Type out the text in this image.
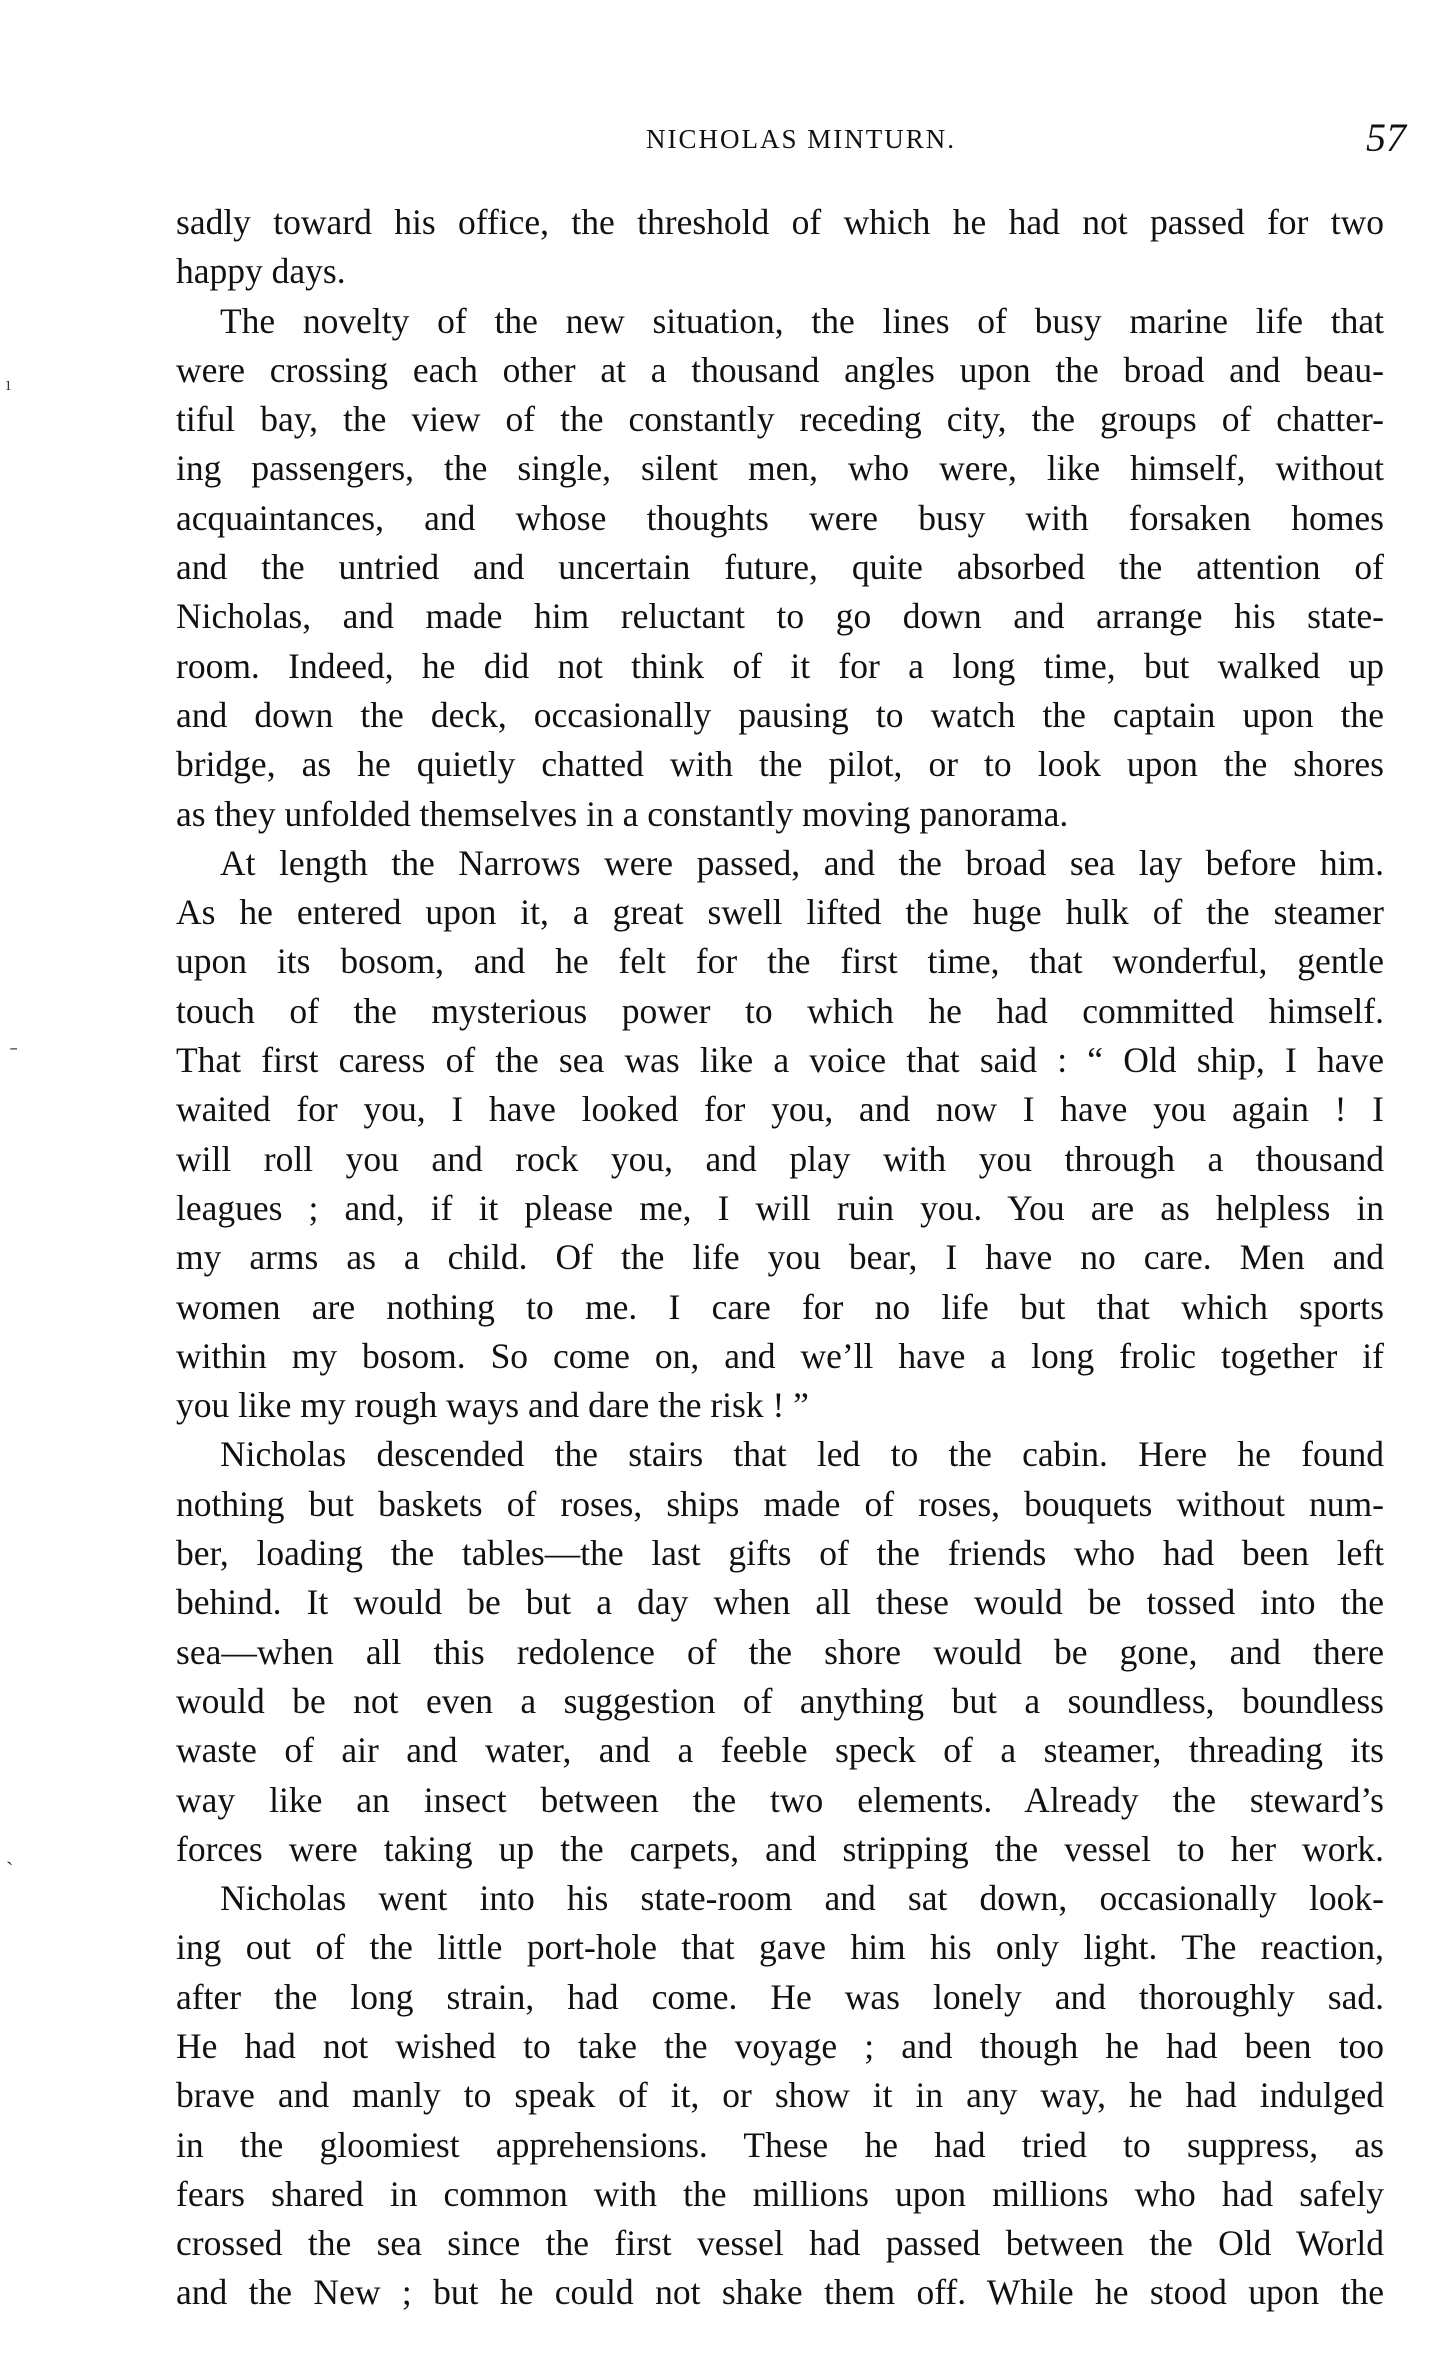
NICHOLAS MINTURN.	57
ₗ
ˉ
ˎ
sadly toward his office, the threshold of which he had not passed for two
happy days.
The novelty of the new situation, the lines of busy marine life that
were crossing each other at a thousand angles upon the broad and beau-
tiful bay, the view of the constantly receding city, the groups of chatter-
ing passengers, the single, silent men, who were, like himself, without
acquaintances, and whose thoughts were busy with forsaken homes
and the untried and uncertain future, quite absorbed the attention of
Nicholas, and made him reluctant to go down and arrange his state-
room. Indeed, he did not think of it for a long time, but walked up
and down the deck, occasionally pausing to watch the captain upon the
bridge, as he quietly chatted with the pilot, or to look upon the shores
as they unfolded themselves in a constantly moving panorama.
At length the Narrows were passed, and the broad sea lay before him.
As he entered upon it, a great swell lifted the huge hulk of the steamer
upon its bosom, and he felt for the first time, that wonderful, gentle
touch of the mysterious power to which he had committed himself.
That first caress of the sea was like a voice that said : “ Old ship, I have
waited for you, I have looked for you, and now I have you again ! I
will roll you and rock you, and play with you through a thousand
leagues ; and, if it please me, I will ruin you. You are as helpless in
my arms as a child. Of the life you bear, I have no care. Men and
women are nothing to me. I care for no life but that which sports
within my bosom. So come on, and we’ll have a long frolic together if
you like my rough ways and dare the risk ! ”
Nicholas descended the stairs that led to the cabin. Here he found
nothing but baskets of roses, ships made of roses, bouquets without num-
ber, loading the tables—the last gifts of the friends who had been left
behind. It would be but a day when all these would be tossed into the
sea—when all this redolence of the shore would be gone, and there
would be not even a suggestion of anything but a soundless, boundless
waste of air and water, and a feeble speck of a steamer, threading its
way like an insect between the two elements. Already the steward’s
forces were taking up the carpets, and stripping the vessel to her work.
Nicholas went into his state-room and sat down, occasionally look-
ing out of the little port-hole that gave him his only light. The reaction,
after the long strain, had come. He was lonely and thoroughly sad.
He had not wished to take the voyage ; and though he had been too
brave and manly to speak of it, or show it in any way, he had indulged
in the gloomiest apprehensions. These he had tried to suppress, as
fears shared in common with the millions upon millions who had safely
crossed the sea since the first vessel had passed between the Old World
and the New ; but he could not shake them off. While he stood upon the
